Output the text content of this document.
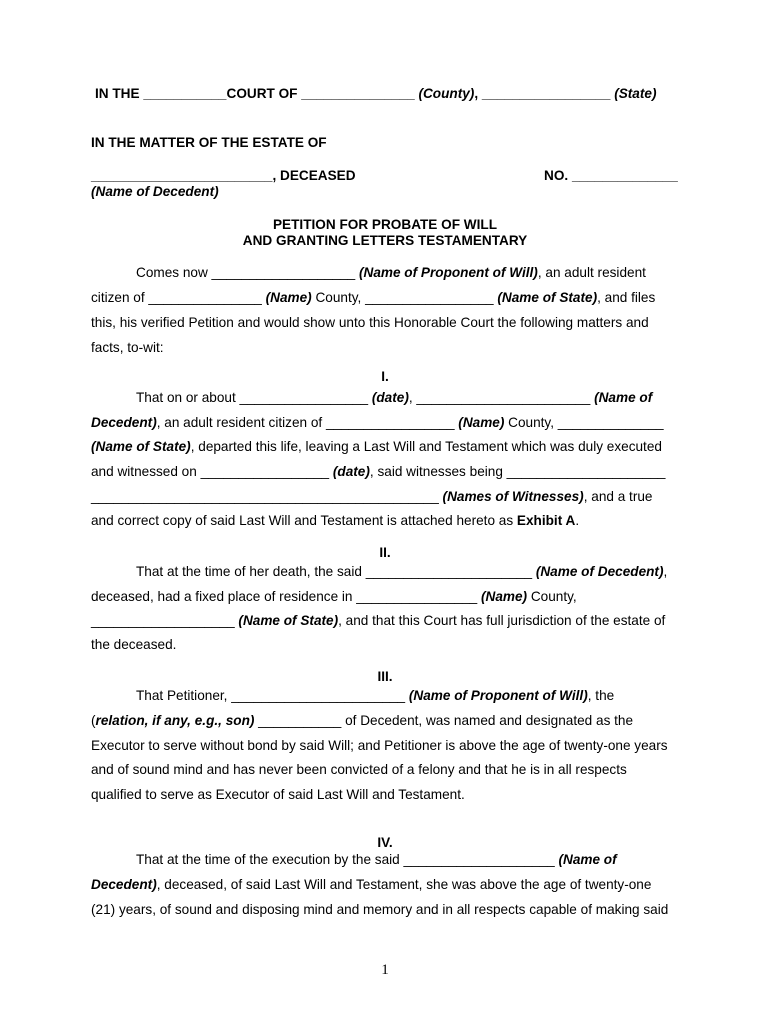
IN THE ___________COURT OF _______________ (County), _________________ (State)
IN THE MATTER OF THE ESTATE OF
________________________, DECEASED	NO. ______________
(Name of Decedent)
PETITION FOR PROBATE OF WILL
AND GRANTING LETTERS TESTAMENTARY
Comes now ___________________ (Name of Proponent of Will), an adult resident
citizen of _______________ (Name) County, _________________ (Name of State), and files
this, his verified Petition and would show unto this Honorable Court the following matters and
facts, to-wit:
I.
That on or about _________________ (date), _______________________ (Name of
Decedent), an adult resident citizen of _________________ (Name) County, ______________
(Name of State), departed this life, leaving a Last Will and Testament which was duly executed
and witnessed on _________________ (date), said witnesses being _____________________
______________________________________________ (Names of Witnesses), and a true
and correct copy of said Last Will and Testament is attached hereto as Exhibit A.
II.
That at the time of her death, the said ______________________ (Name of Decedent),
deceased, had a fixed place of residence in ________________ (Name) County,
___________________ (Name of State), and that this Court has full jurisdiction of the estate of
the deceased.
III.
That Petitioner, _______________________ (Name of Proponent of Will), the
(relation, if any, e.g., son) ___________ of Decedent, was named and designated as the
Executor to serve without bond by said Will; and Petitioner is above the age of twenty-one years
and of sound mind and has never been convicted of a felony and that he is in all respects
qualified to serve as Executor of said Last Will and Testament.
IV.
That at the time of the execution by the said ____________________ (Name of
Decedent), deceased, of said Last Will and Testament, she was above the age of twenty-one
(21) years, of sound and disposing mind and memory and in all respects capable of making said
1
